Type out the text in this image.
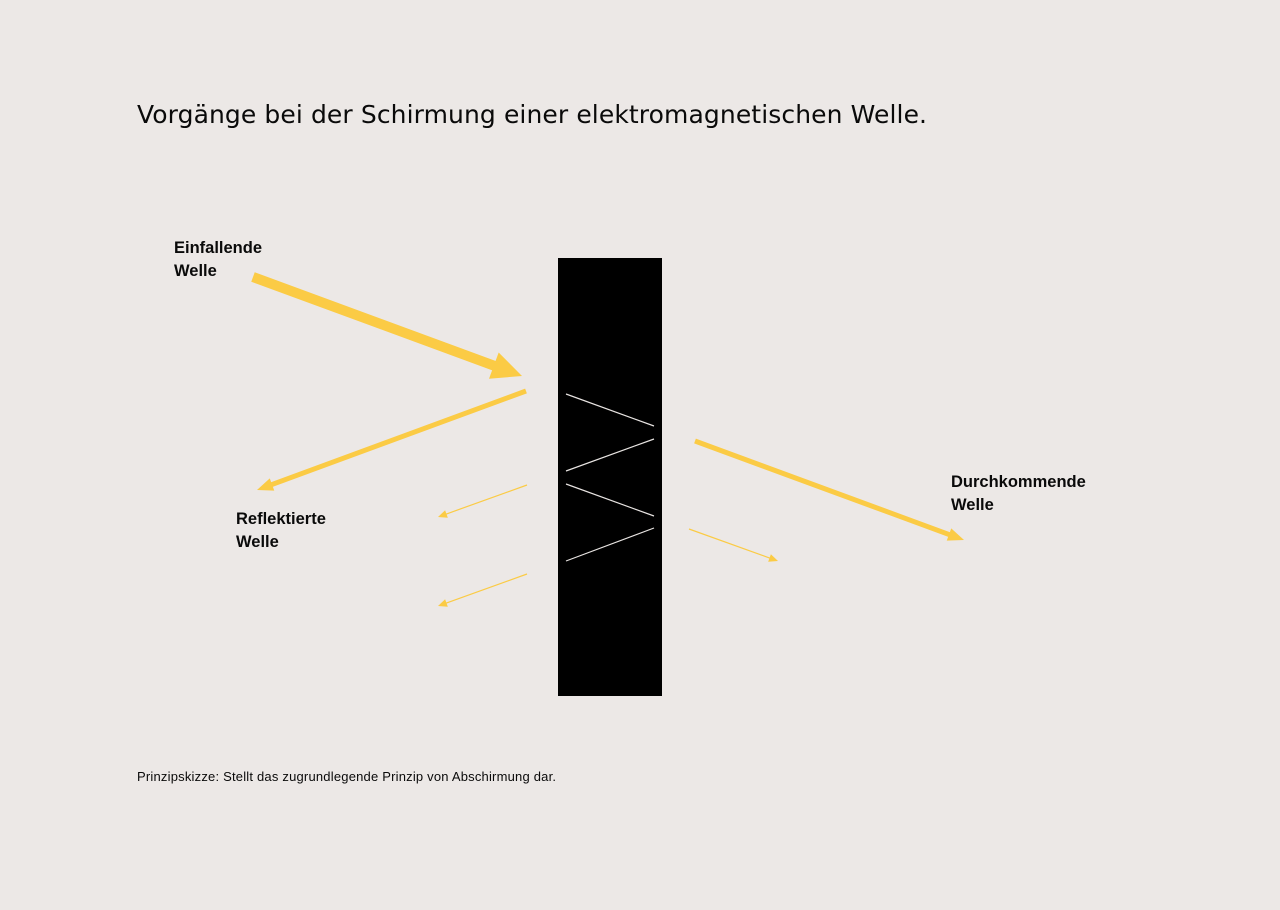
Vorgänge bei der Schirmung einer elektromagnetischen Welle.
Einfallende
Welle
Reflektierte
Welle
Durchkommende
Welle

Prinzipskizze: Stellt das zugrundlegende Prinzip von Abschirmung dar.
